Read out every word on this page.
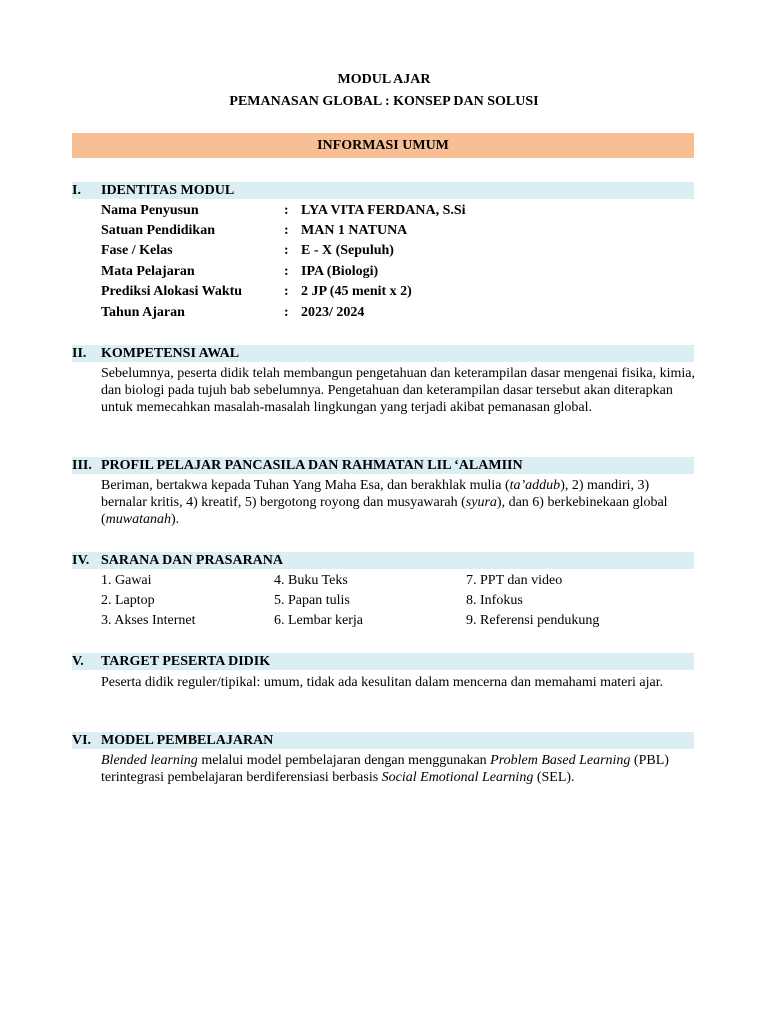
MODUL AJAR
PEMANASAN GLOBAL : KONSEP DAN SOLUSI
INFORMASI UMUM
I. IDENTITAS MODUL
Nama Penyusun	: LYA VITA FERDANA, S.Si
Satuan Pendidikan	: MAN 1 NATUNA
Fase / Kelas	: E - X (Sepuluh)
Mata Pelajaran	: IPA (Biologi)
Prediksi Alokasi Waktu	: 2 JP (45 menit x 2)
Tahun Ajaran	: 2023/ 2024
II. KOMPETENSI AWAL

Sebelumnya, peserta didik telah membangun pengetahuan dan keterampilan dasar mengenai fisika, kimia, dan biologi pada tujuh bab sebelumnya. Pengetahuan dan keterampilan dasar tersebut akan diterapkan untuk memecahkan masalah-masalah lingkungan yang terjadi akibat pemanasan global.

III. PROFIL PELAJAR PANCASILA DAN RAHMATAN LIL ‘ALAMIIN

Beriman, bertakwa kepada Tuhan Yang Maha Esa, dan berakhlak mulia (ta’addub), 2) mandiri, 3) bernalar kritis, 4) kreatif, 5) bergotong royong dan musyawarah (syura), dan 6) berkebinekaan global (muwatanah).

IV. SARANA DAN PRASARANA
1. Gawai
2. Laptop
3. Akses Internet
4. Buku Teks
5. Papan tulis
6. Lembar kerja
7. PPT dan video
8. Infokus
9. Referensi pendukung
V. TARGET PESERTA DIDIK

Peserta didik reguler/tipikal: umum, tidak ada kesulitan dalam mencerna dan memahami materi ajar.

VI. MODEL PEMBELAJARAN

Blended learning melalui model pembelajaran dengan menggunakan Problem Based Learning (PBL) terintegrasi pembelajaran berdiferensiasi berbasis Social Emotional Learning (SEL).
